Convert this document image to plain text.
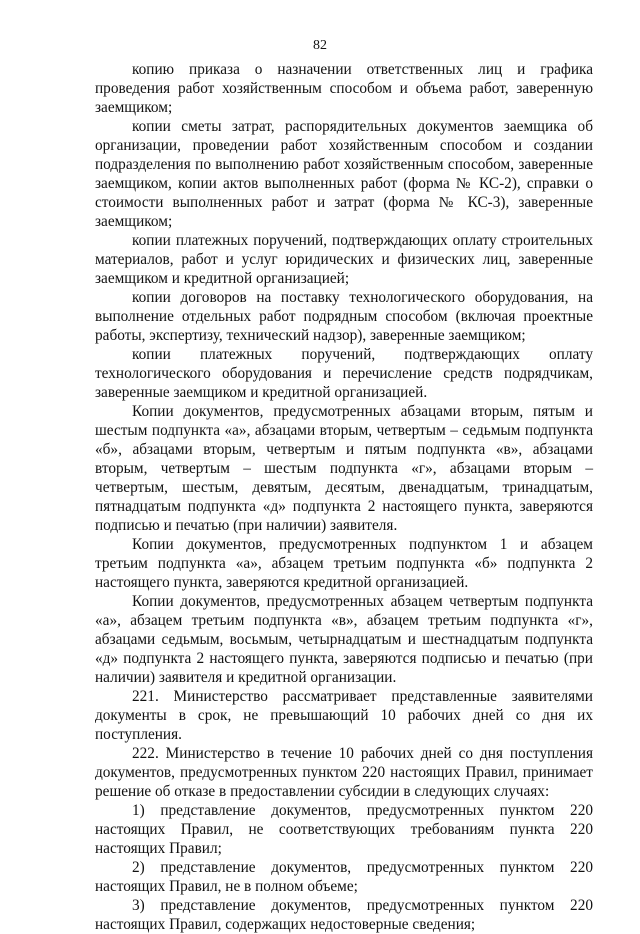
82

копию приказа о назначении ответственных лиц и графика проведения работ хозяйственным способом и объема работ, заверенную заемщиком;

копии сметы затрат, распорядительных документов заемщика об организации, проведении работ хозяйственным способом и создании подразделения по выполнению работ хозяйственным способом, заверенные заемщиком, копии актов выполненных работ (форма № КС-2), справки о стоимости выполненных работ и затрат (форма № КС-3), заверенные заемщиком;

копии платежных поручений, подтверждающих оплату строительных материалов, работ и услуг юридических и физических лиц, заверенные заемщиком и кредитной организацией;

копии договоров на поставку технологического оборудования, на выполнение отдельных работ подрядным способом (включая проектные работы, экспертизу, технический надзор), заверенные заемщиком;

копии платежных поручений, подтверждающих оплату технологического оборудования и перечисление средств подрядчикам, заверенные заемщиком и кредитной организацией.

Копии документов, предусмотренных абзацами вторым, пятым и шестым подпункта «а», абзацами вторым, четвертым – седьмым подпункта «б», абзацами вторым, четвертым и пятым подпункта «в», абзацами вторым, четвертым – шестым подпункта «г», абзацами вторым – четвертым, шестым, девятым, десятым, двенадцатым, тринадцатым, пятнадцатым подпункта «д» подпункта 2 настоящего пункта, заверяются подписью и печатью (при наличии) заявителя.

Копии документов, предусмотренных подпунктом 1 и абзацем третьим подпункта «а», абзацем третьим подпункта «б» подпункта 2 настоящего пункта, заверяются кредитной организацией.

Копии документов, предусмотренных абзацем четвертым подпункта «а», абзацем третьим подпункта «в», абзацем третьим подпункта «г», абзацами седьмым, восьмым, четырнадцатым и шестнадцатым подпункта «д» подпункта 2 настоящего пункта, заверяются подписью и печатью (при наличии) заявителя и кредитной организации.

221. Министерство рассматривает представленные заявителями документы в срок, не превышающий 10 рабочих дней со дня их поступления.

222. Министерство в течение 10 рабочих дней со дня поступления документов, предусмотренных пунктом 220 настоящих Правил, принимает решение об отказе в предоставлении субсидии в следующих случаях:

1) представление документов, предусмотренных пунктом 220 настоящих Правил, не соответствующих требованиям пункта 220 настоящих Правил;

2) представление документов, предусмотренных пунктом 220 настоящих Правил, не в полном объеме;

3) представление документов, предусмотренных пунктом 220 настоящих Правил, содержащих недостоверные сведения;
